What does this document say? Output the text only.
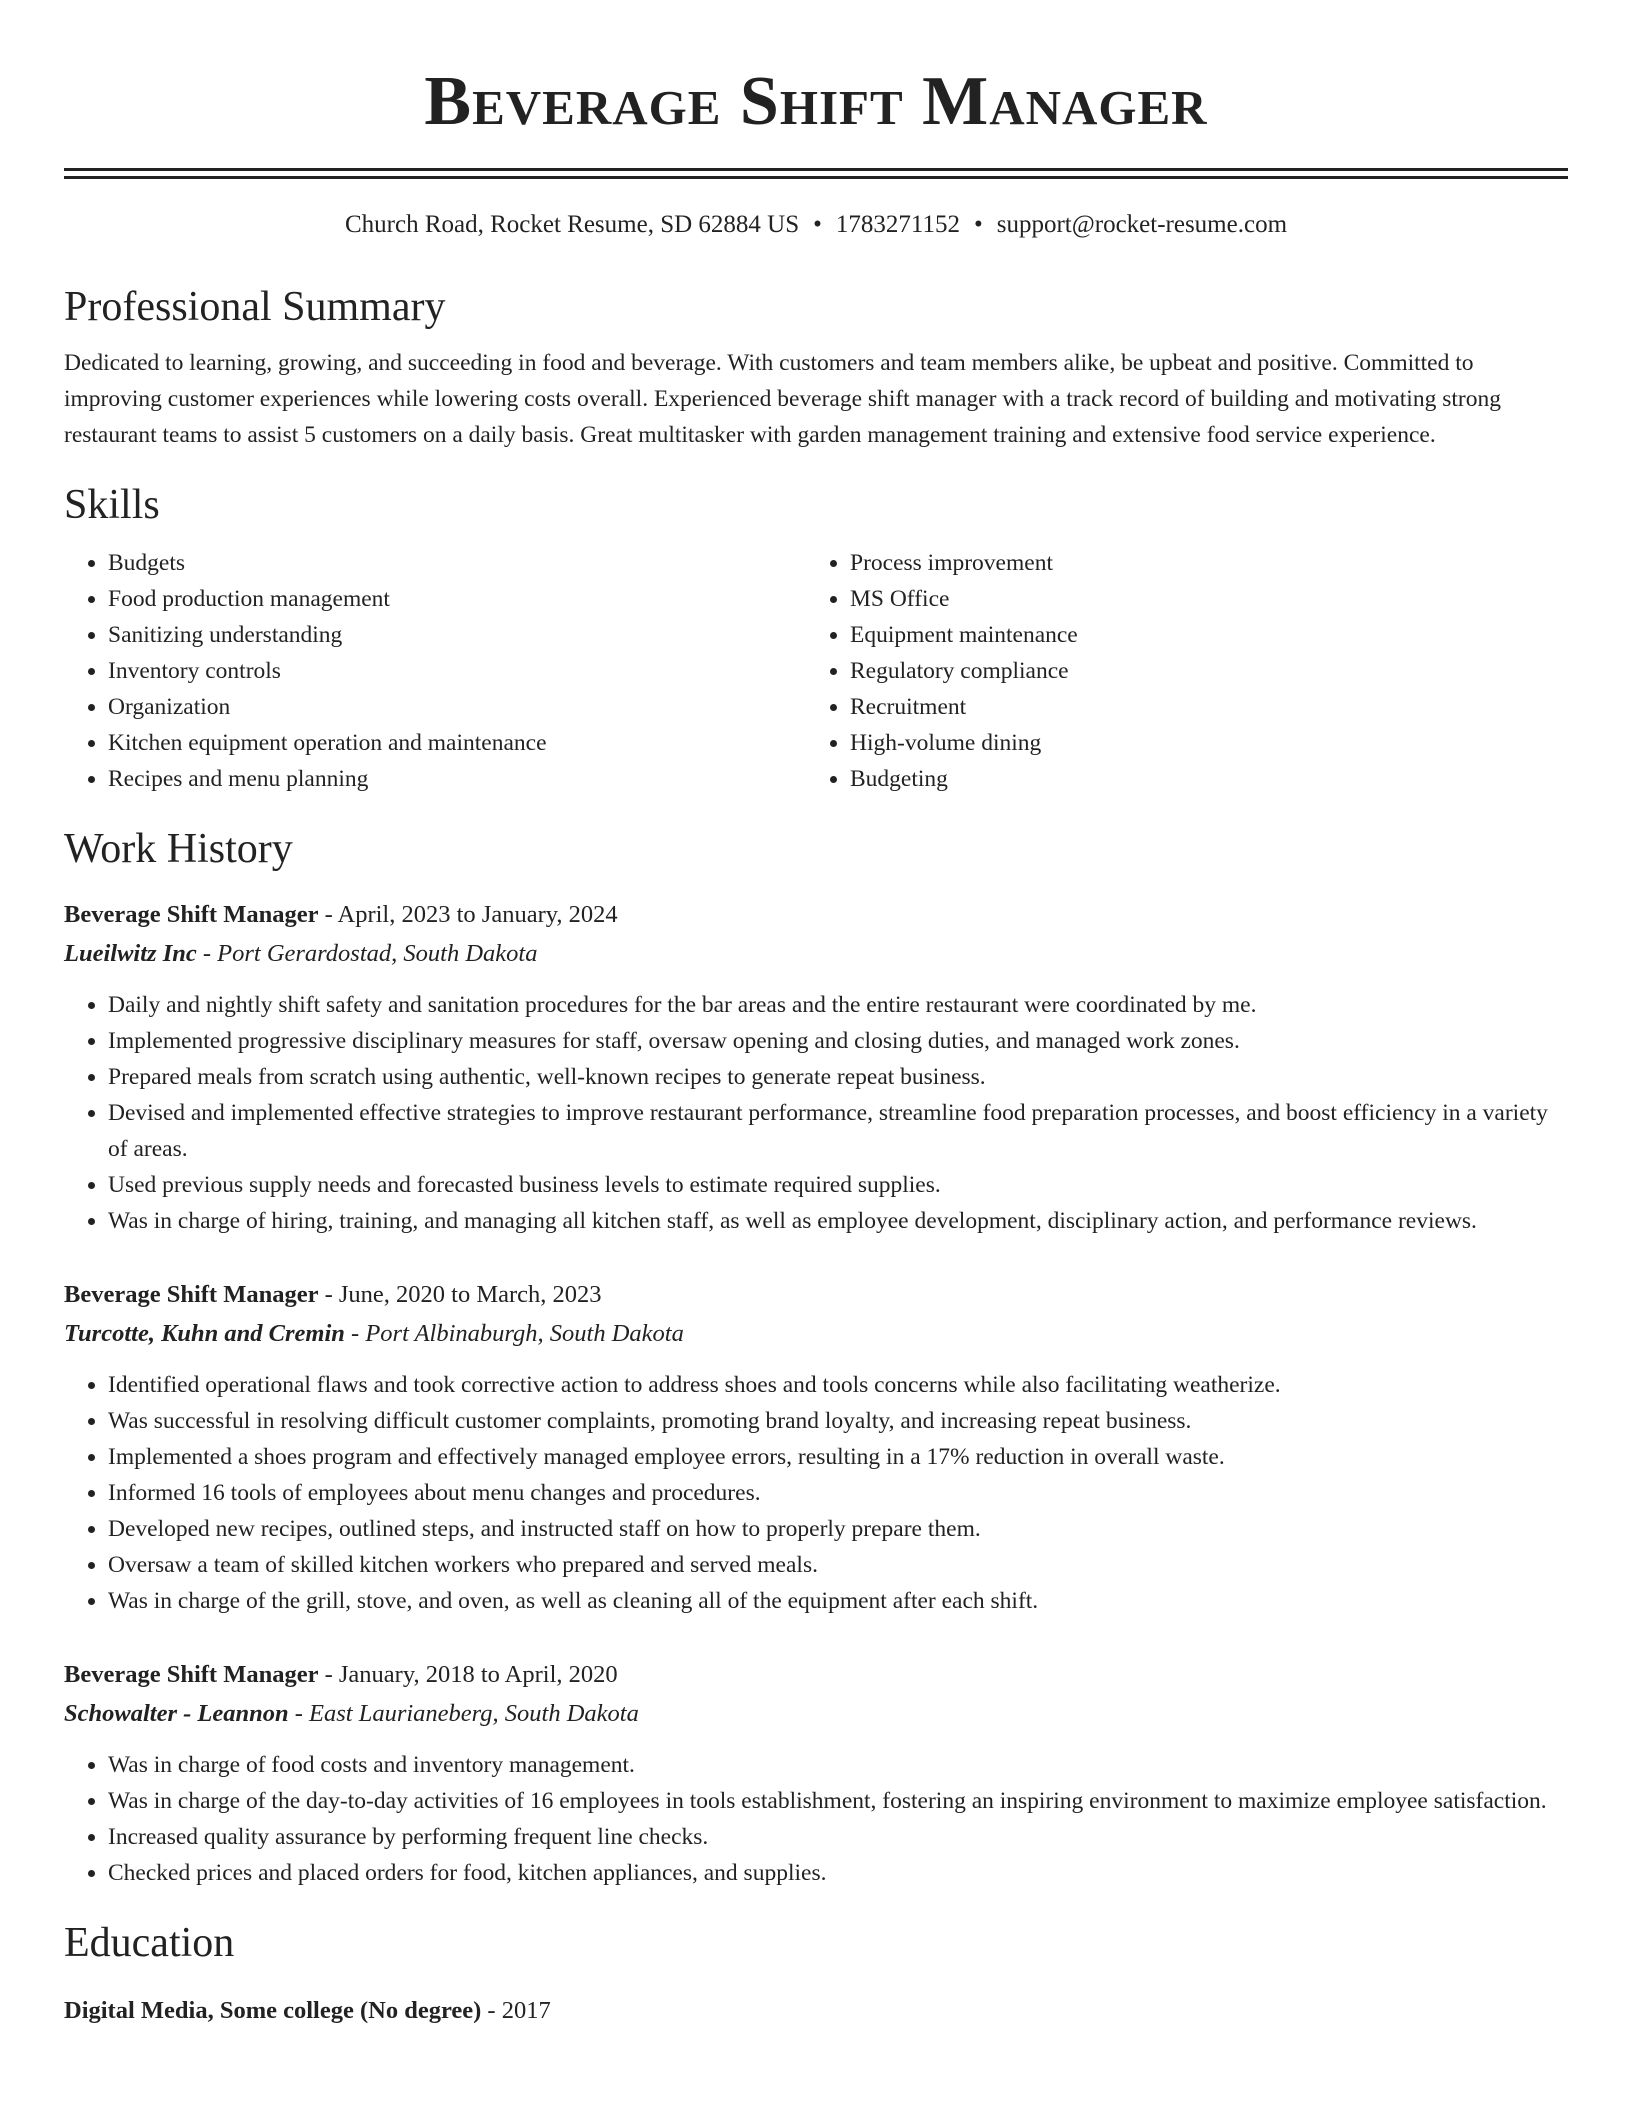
Beverage Shift Manager
Church Road, Rocket Resume, SD 62884 US • 1783271152 • support@rocket-resume.com
Professional Summary
Dedicated to learning, growing, and succeeding in food and beverage. With customers and team members alike, be upbeat and positive. Committed to improving customer experiences while lowering costs overall. Experienced beverage shift manager with a track record of building and motivating strong restaurant teams to assist 5 customers on a daily basis. Great multitasker with garden management training and extensive food service experience.
Skills
• Budgets
• Food production management
• Sanitizing understanding
• Inventory controls
• Organization
• Kitchen equipment operation and maintenance
• Recipes and menu planning
• Process improvement
• MS Office
• Equipment maintenance
• Regulatory compliance
• Recruitment
• High-volume dining
• Budgeting
Work History
Beverage Shift Manager - April, 2023 to January, 2024
Lueilwitz Inc - Port Gerardostad, South Dakota
• Daily and nightly shift safety and sanitation procedures for the bar areas and the entire restaurant were coordinated by me.
• Implemented progressive disciplinary measures for staff, oversaw opening and closing duties, and managed work zones.
• Prepared meals from scratch using authentic, well-known recipes to generate repeat business.
• Devised and implemented effective strategies to improve restaurant performance, streamline food preparation processes, and boost efficiency in a variety of areas.
• Used previous supply needs and forecasted business levels to estimate required supplies.
• Was in charge of hiring, training, and managing all kitchen staff, as well as employee development, disciplinary action, and performance reviews.
Beverage Shift Manager - June, 2020 to March, 2023
Turcotte, Kuhn and Cremin - Port Albinaburgh, South Dakota
• Identified operational flaws and took corrective action to address shoes and tools concerns while also facilitating weatherize.
• Was successful in resolving difficult customer complaints, promoting brand loyalty, and increasing repeat business.
• Implemented a shoes program and effectively managed employee errors, resulting in a 17% reduction in overall waste.
• Informed 16 tools of employees about menu changes and procedures.
• Developed new recipes, outlined steps, and instructed staff on how to properly prepare them.
• Oversaw a team of skilled kitchen workers who prepared and served meals.
• Was in charge of the grill, stove, and oven, as well as cleaning all of the equipment after each shift.
Beverage Shift Manager - January, 2018 to April, 2020
Schowalter - Leannon - East Laurianeberg, South Dakota
• Was in charge of food costs and inventory management.
• Was in charge of the day-to-day activities of 16 employees in tools establishment, fostering an inspiring environment to maximize employee satisfaction.
• Increased quality assurance by performing frequent line checks.
• Checked prices and placed orders for food, kitchen appliances, and supplies.
Education
Digital Media, Some college (No degree) - 2017
